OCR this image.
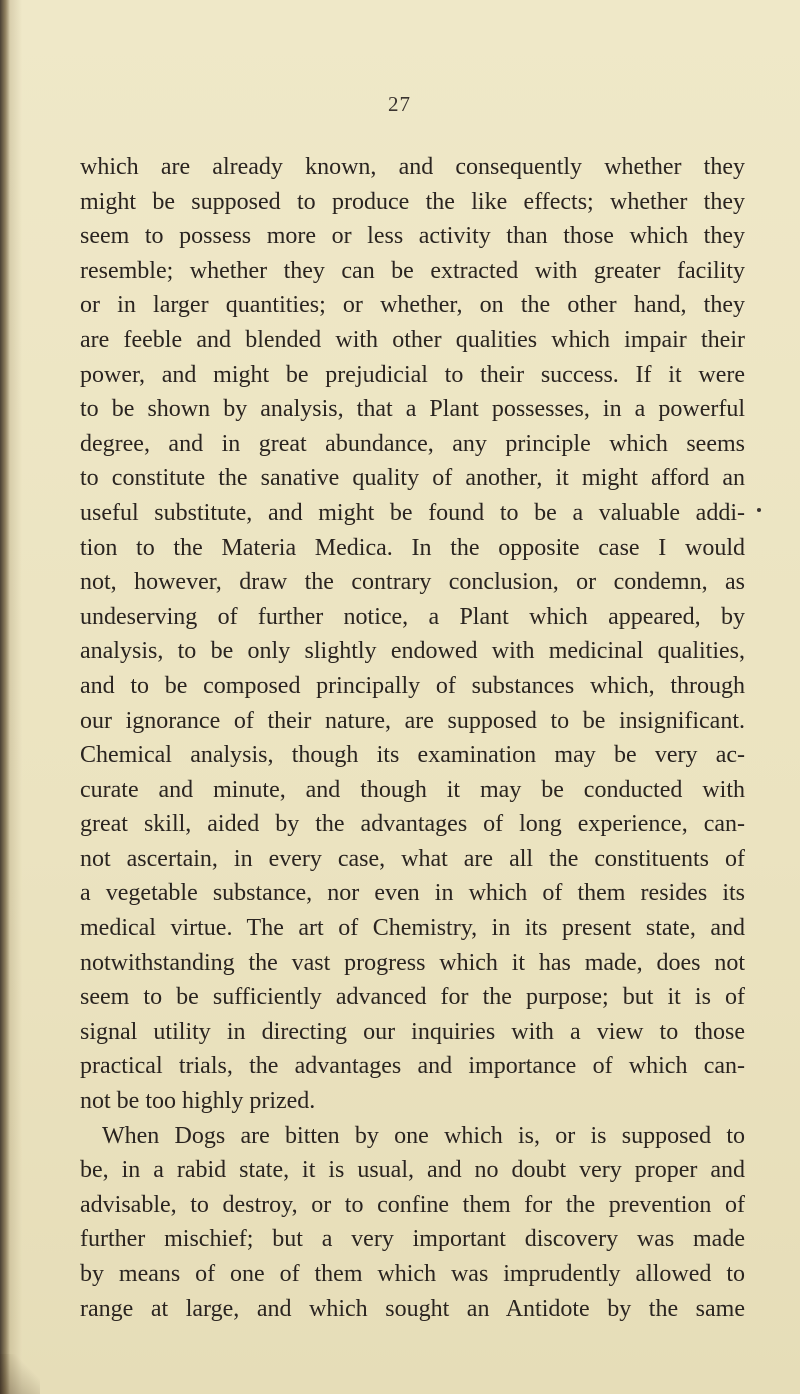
27
which are already known, and consequently whether they
might be supposed to produce the like effects; whether they
seem to possess more or less activity than those which they
resemble; whether they can be extracted with greater facility
or in larger quantities; or whether, on the other hand, they
are feeble and blended with other qualities which impair their
power, and might be prejudicial to their success. If it were
to be shown by analysis, that a Plant possesses, in a powerful
degree, and in great abundance, any principle which seems
to constitute the sanative quality of another, it might afford an
useful substitute, and might be found to be a valuable addi-
tion to the Materia Medica. In the opposite case I would
not, however, draw the contrary conclusion, or condemn, as
undeserving of further notice, a Plant which appeared, by
analysis, to be only slightly endowed with medicinal qualities,
and to be composed principally of substances which, through
our ignorance of their nature, are supposed to be insignificant.
Chemical analysis, though its examination may be very ac-
curate and minute, and though it may be conducted with
great skill, aided by the advantages of long experience, can-
not ascertain, in every case, what are all the constituents of
a vegetable substance, nor even in which of them resides its
medical virtue. The art of Chemistry, in its present state, and
notwithstanding the vast progress which it has made, does not
seem to be sufficiently advanced for the purpose; but it is of
signal utility in directing our inquiries with a view to those
practical trials, the advantages and importance of which can-
not be too highly prized.
When Dogs are bitten by one which is, or is supposed to
be, in a rabid state, it is usual, and no doubt very proper and
advisable, to destroy, or to confine them for the prevention of
further mischief; but a very important discovery was made
by means of one of them which was imprudently allowed to
range at large, and which sought an Antidote by the same
